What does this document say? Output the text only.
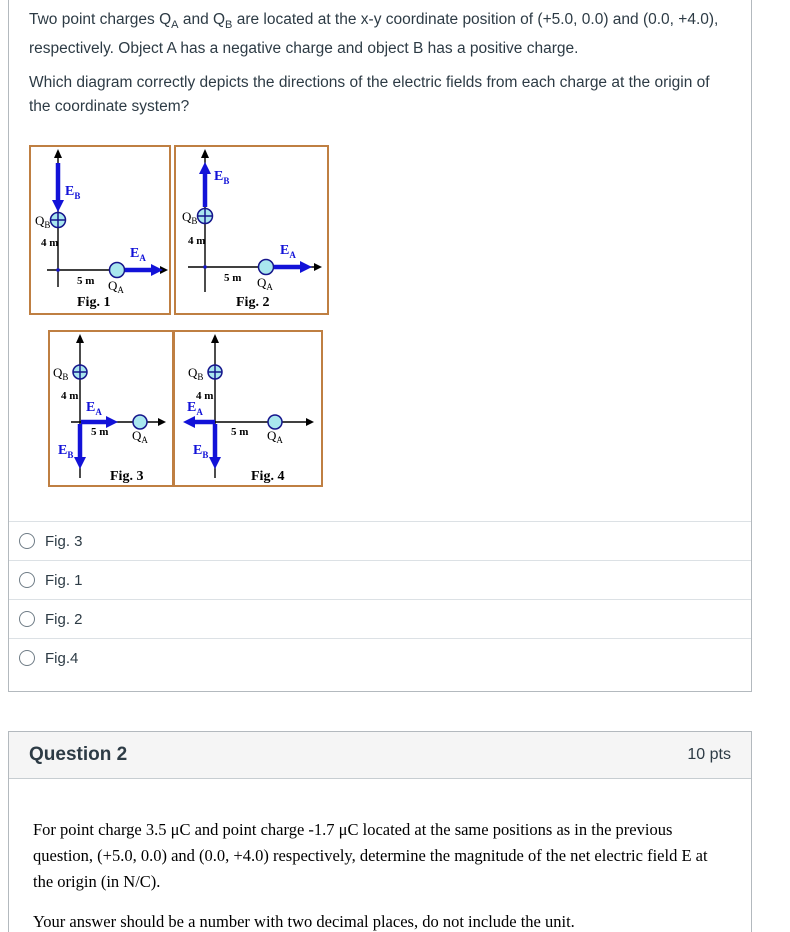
Two point charges $Q_A$ and $Q_B$ are located at the x-y coordinate position of (+5.0, 0.0) and (0.0, +4.0), respectively. Object A has a negative charge and object B has a positive charge.

Which diagram correctly depicts the directions of the electric fields from each charge at the origin of the coordinate system?

$E_B$
$Q_B$
4 m
$E_A$
5 m $Q_A$
Fig. 1
$E_B$
$Q_B$
4 m
$E_A$
5 m $Q_A$
Fig. 2
$Q_B$
4 m
$E_A$
5 m $Q_A$
$E_B$
Fig. 3
$Q_B$
4 m
$E_A$
5 m $Q_A$
$E_B$
Fig. 4
Fig. 3
Fig. 1
Fig. 2
Fig.4
Question 2	10 pts

For point charge 3.5 μC and point charge -1.7 μC located at the same positions as in the previous question, (+5.0, 0.0) and (0.0, +4.0) respectively, determine the magnitude of the net electric field E at the origin (in N/C).

Your answer should be a number with two decimal places, do not include the unit.
